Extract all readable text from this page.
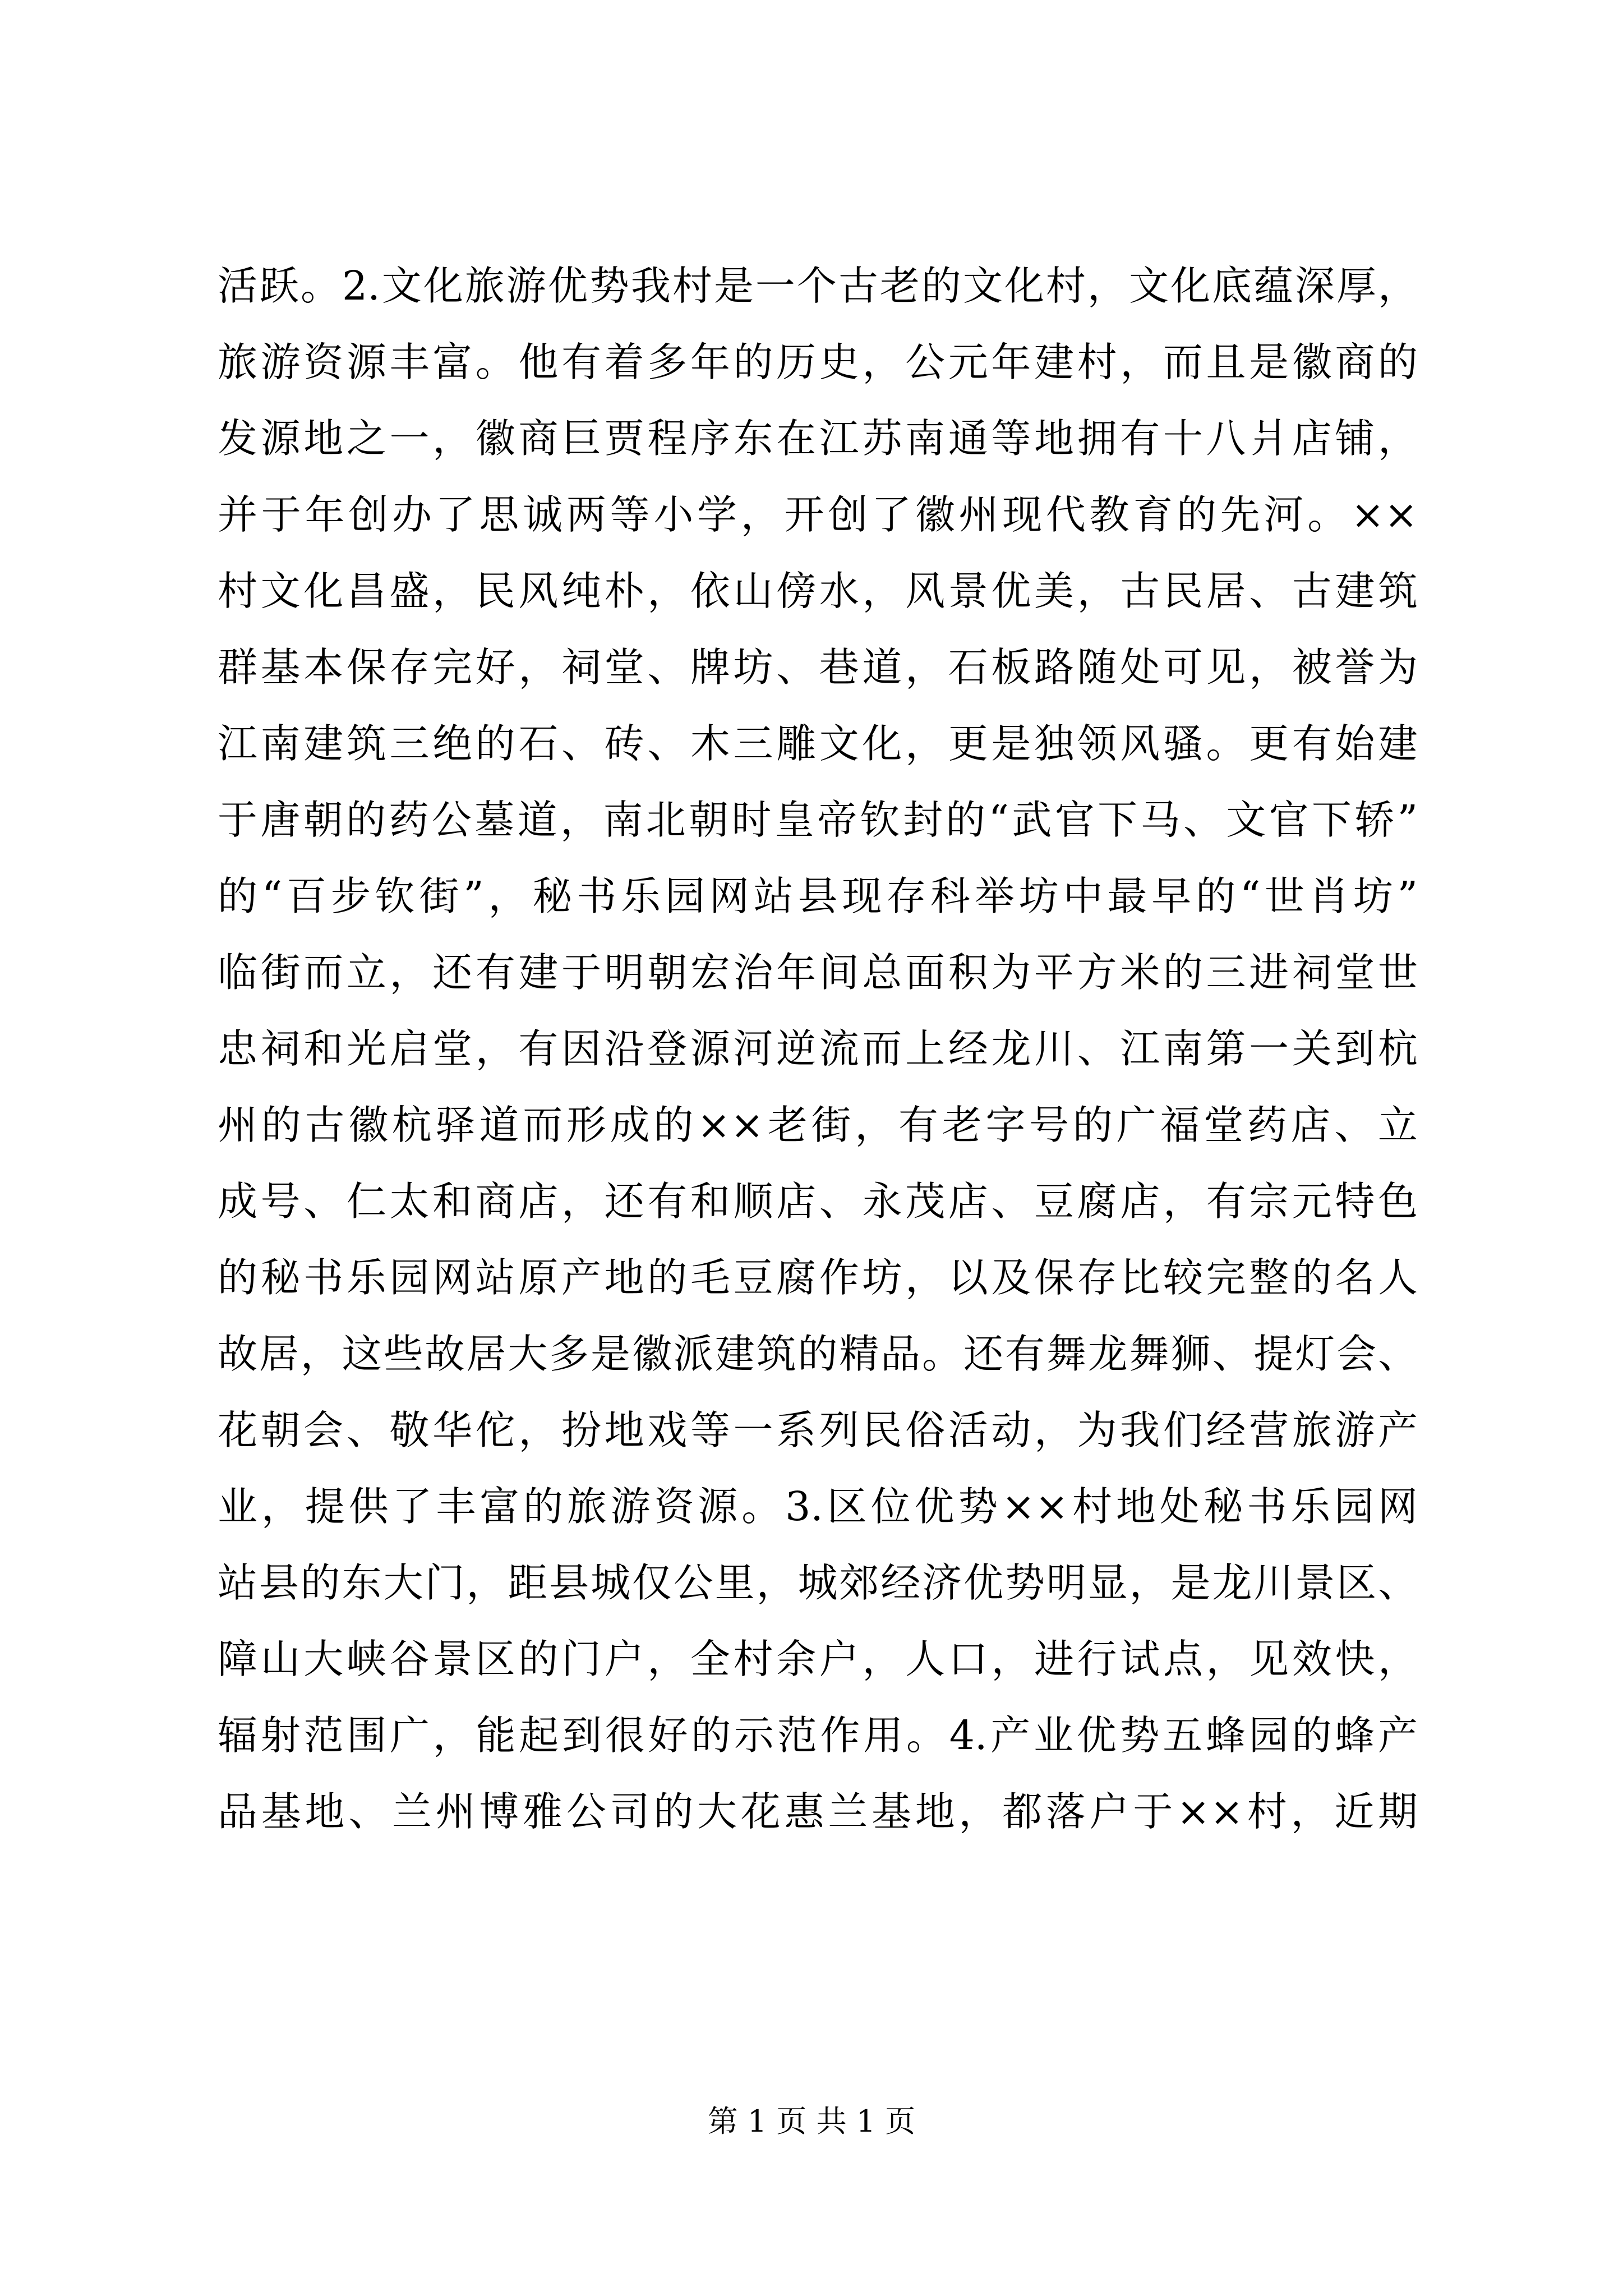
活跃。2.文化旅游优势我村是一个古老的文化村，文化底蕴深厚，
旅游资源丰富。他有着多年的历史，公元年建村，而且是徽商的
发源地之一，徽商巨贾程序东在江苏南通等地拥有十八爿店铺，
并于年创办了思诚两等小学，开创了徽州现代教育的先河。××
村文化昌盛，民风纯朴，依山傍水，风景优美，古民居、古建筑
群基本保存完好，祠堂、牌坊、巷道，石板路随处可见，被誉为
江南建筑三绝的石、砖、木三雕文化，更是独领风骚。更有始建
于唐朝的药公墓道，南北朝时皇帝钦封的“武官下马、文官下轿”
的“百步钦街”，秘书乐园网站县现存科举坊中最早的“世肖坊”
临街而立，还有建于明朝宏治年间总面积为平方米的三进祠堂世
忠祠和光启堂，有因沿登源河逆流而上经龙川、江南第一关到杭
州的古徽杭驿道而形成的××老街，有老字号的广福堂药店、立
成号、仁太和商店，还有和顺店、永茂店、豆腐店，有宗元特色
的秘书乐园网站原产地的毛豆腐作坊，以及保存比较完整的名人
故居，这些故居大多是徽派建筑的精品。还有舞龙舞狮、提灯会、
花朝会、敬华佗，扮地戏等一系列民俗活动，为我们经营旅游产
业，提供了丰富的旅游资源。3.区位优势××村地处秘书乐园网
站县的东大门，距县城仅公里，城郊经济优势明显，是龙川景区、
障山大峡谷景区的门户，全村余户，人口，进行试点，见效快，
辐射范围广，能起到很好的示范作用。4.产业优势五蜂园的蜂产
品基地、兰州博雅公司的大花惠兰基地，都落户于××村，近期
第 1 页 共 1 页
